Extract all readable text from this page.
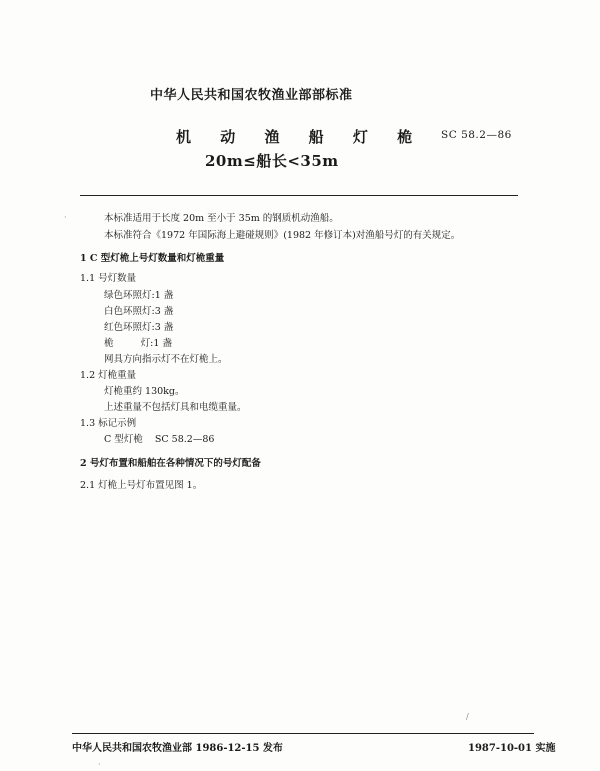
中华人民共和国农牧渔业部部标准
机 动 渔 船 灯 桅
20m≤船长<35m
SC 58.2—86
本标准适用于长度 20m 至小于 35m 的钢质机动渔船。
本标准符合《1972 年国际海上避碰规则》(1982 年修订本)对渔船号灯的有关规定。
1 C 型灯桅上号灯数量和灯桅重量
1.1 号灯数量
绿色环照灯:1 盏
白色环照灯:3 盏
红色环照灯:3 盏
桅         灯:1 盏
网具方向指示灯不在灯桅上。
1.2 灯桅重量
灯桅重约 130kg。
上述重量不包括灯具和电缆重量。
1.3 标记示例
C 型灯桅    SC 58.2—86
2 号灯布置和船舶在各种情况下的号灯配备
2.1 灯桅上号灯布置见图 1。
中华人民共和国农牧渔业部 1986-12-15 发布	1987-10-01 实施
·
/
·
